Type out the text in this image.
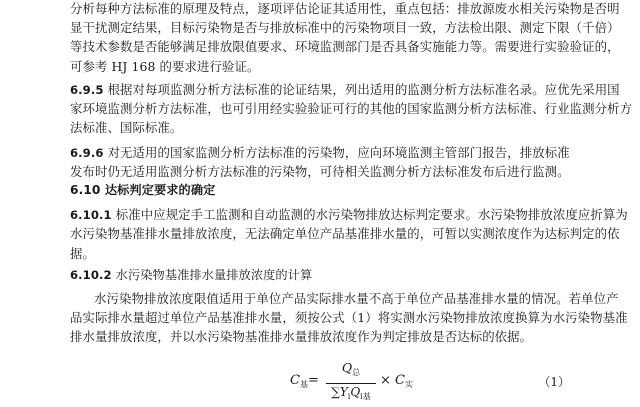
分析每种方法标准的原理及特点，逐项评估论证其适用性，重点包括：排放源废水相关污染物是否明
显干扰测定结果，目标污染物是否与排放标准中的污染物项目一致，方法检出限、测定下限（千倍）
等技术参数是否能够满足排放限值要求、环境监测部门是否具备实施能力等。需要进行实验验证的，
可参考 HJ 168 的要求进行验证。
6.9.5 根据对每项监测分析方法标准的论证结果，列出适用的监测分析方法标准名录。应优先采用国
家环境监测分析方法标准，也可引用经实验验证可行的其他的国家监测分析方法标准、行业监测分析方
法标准、国际标准。
6.9.6 对无适用的国家监测分析方法标准的污染物，应向环境监测主管部门报告，排放标准
发布时仍无适用监测分析方法标准的污染物，可待相关监测分析方法标准发布后进行监测。
6.10 达标判定要求的确定
6.10.1 标准中应规定手工监测和自动监测的水污染物排放达标判定要求。水污染物排放浓度应折算为
水污染物基准排水量排放浓度，无法确定单位产品基准排水量的，可暂以实测浓度作为达标判定的依
据。
6.10.2 水污染物基准排水量排放浓度的计算
水污染物排放浓度限值适用于单位产品实际排水量不高于单位产品基准排水量的情况。若单位产
品实际排水量超过单位产品基准排水量，须按公式（1）将实测水污染物排放浓度换算为水污染物基准
排水量排放浓度，并以水污染物基准排水量排放浓度作为判定排放是否达标的依据。
$C_基=$
$Q_总$
$\sum Y_iQ_{i基}$
× $C_实$	（1）
